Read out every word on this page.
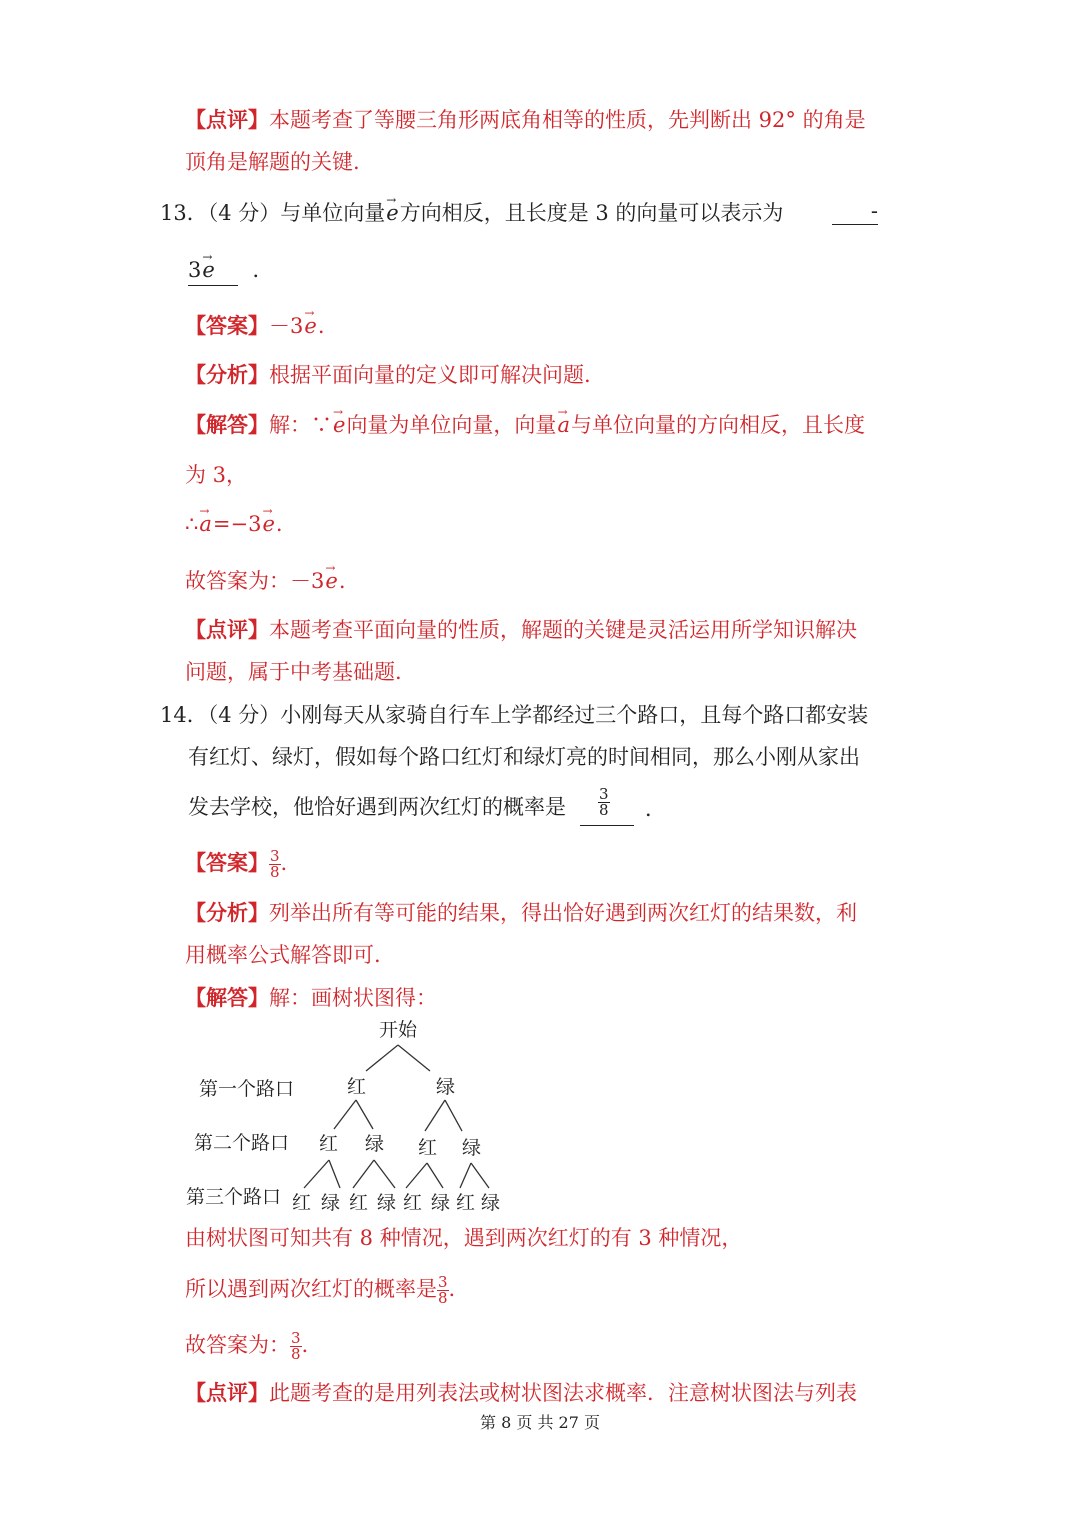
【点评】本题考查了等腰三角形两底角相等的性质，先判断出 92° 的角是
顶角是解题的关键.
13．（4 分）与单位向量e →方向相反，且长度是 3 的向量可以表示为	-
3e → ．
【答案】－3e →.
【分析】根据平面向量的定义即可解决问题.
【解答】解：∵e →向量为单位向量，向量a →与单位向量的方向相反，且长度
为 3，
∴a →=−3e →.
故答案为：－3e →.
【点评】本题考查平面向量的性质，解题的关键是灵活运用所学知识解决
问题，属于中考基础题.
14．（4 分）小刚每天从家骑自行车上学都经过三个路口，且每个路口都安装
有红灯、绿灯，假如每个路口红灯和绿灯亮的时间相同，那么小刚从家出
发去学校，他恰好遇到两次红灯的概率是 $\frac{3}{8}$ ．
【答案】 $\frac{3}{8}$ .
【分析】列举出所有等可能的结果，得出恰好遇到两次红灯的结果数，利
用概率公式解答即可.
【解答】解：画树状图得：
开始
第一个路口
第二个路口
第三个路口
红	绿
红 绿 红 绿
红 绿 红 绿 红 绿 红 绿
由树状图可知共有 8 种情况，遇到两次红灯的有 3 种情况，
所以遇到两次红灯的概率是 $\frac{3}{8}$ .
故答案为： $\frac{3}{8}$ .
【点评】此题考查的是用列表法或树状图法求概率．注意树状图法与列表
第 8 页 共 27 页
